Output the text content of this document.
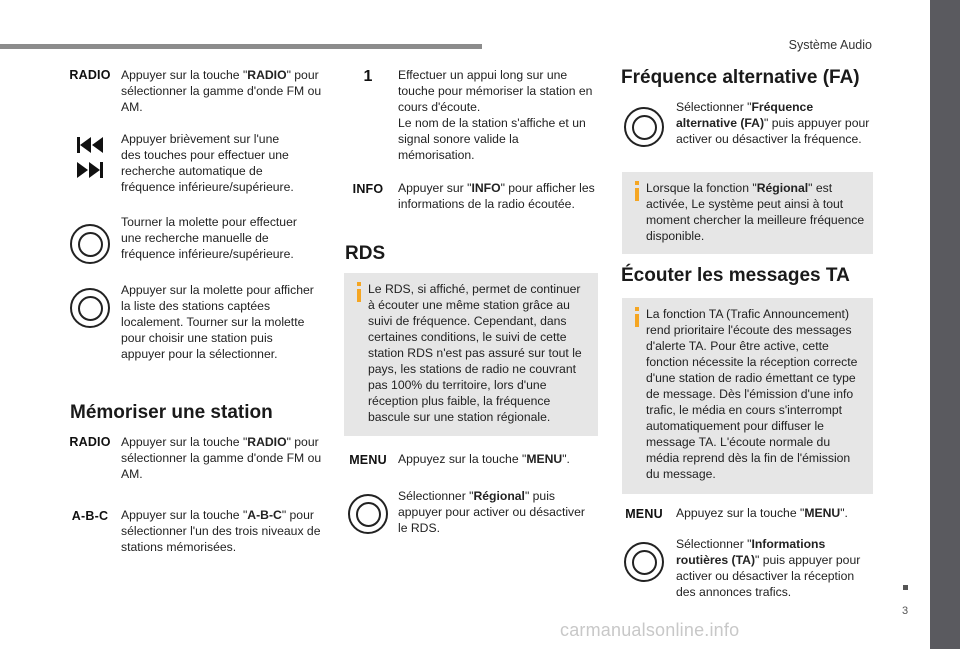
Système Audio
3
carmanualsonline.info
RADIO Appuyer sur la touche "RADIO" pour sélectionner la gamme d'onde FM ou AM.
Appuyer brièvement sur l'une des touches pour effectuer une recherche automatique de fréquence inférieure/supérieure.
Tourner la molette pour effectuer une recherche manuelle de fréquence inférieure/supérieure.
Appuyer sur la molette pour afficher la liste des stations captées localement. Tourner sur la molette pour choisir une station puis appuyer pour la sélectionner.
Mémoriser une station
RADIO Appuyer sur la touche "RADIO" pour sélectionner la gamme d'onde FM ou AM.
A-B-C Appuyer sur la touche "A-B-C" pour sélectionner l'un des trois niveaux de stations mémorisées.
1 Effectuer un appui long sur une touche pour mémoriser la station en cours d'écoute.
Le nom de la station s'affiche et un signal sonore valide la mémorisation.
INFO Appuyer sur "INFO" pour afficher les informations de la radio écoutée.
RDS
Le RDS, si affiché, permet de continuer à écouter une même station grâce au suivi de fréquence. Cependant, dans certaines conditions, le suivi de cette station RDS n'est pas assuré sur tout le pays, les stations de radio ne couvrant pas 100% du territoire, lors d'une réception plus faible, la fréquence bascule sur une station régionale.
MENU Appuyez sur la touche "MENU".
Sélectionner "Régional" puis appuyer pour activer ou désactiver le RDS.
Fréquence alternative (FA)
Sélectionner "Fréquence alternative (FA)" puis appuyer pour activer ou désactiver la fréquence.
Lorsque la fonction "Régional" est activée, Le système peut ainsi à tout moment chercher la meilleure fréquence disponible.
Écouter les messages TA
La fonction TA (Trafic Announcement) rend prioritaire l'écoute des messages d'alerte TA. Pour être active, cette fonction nécessite la réception correcte d'une station de radio émettant ce type de message. Dès l'émission d'une info trafic, le média en cours s'interrompt automatiquement pour diffuser le message TA. L'écoute normale du média reprend dès la fin de l'émission du message.
MENU Appuyez sur la touche "MENU".
Sélectionner "Informations routières (TA)" puis appuyer pour activer ou désactiver la réception des annonces trafics.
